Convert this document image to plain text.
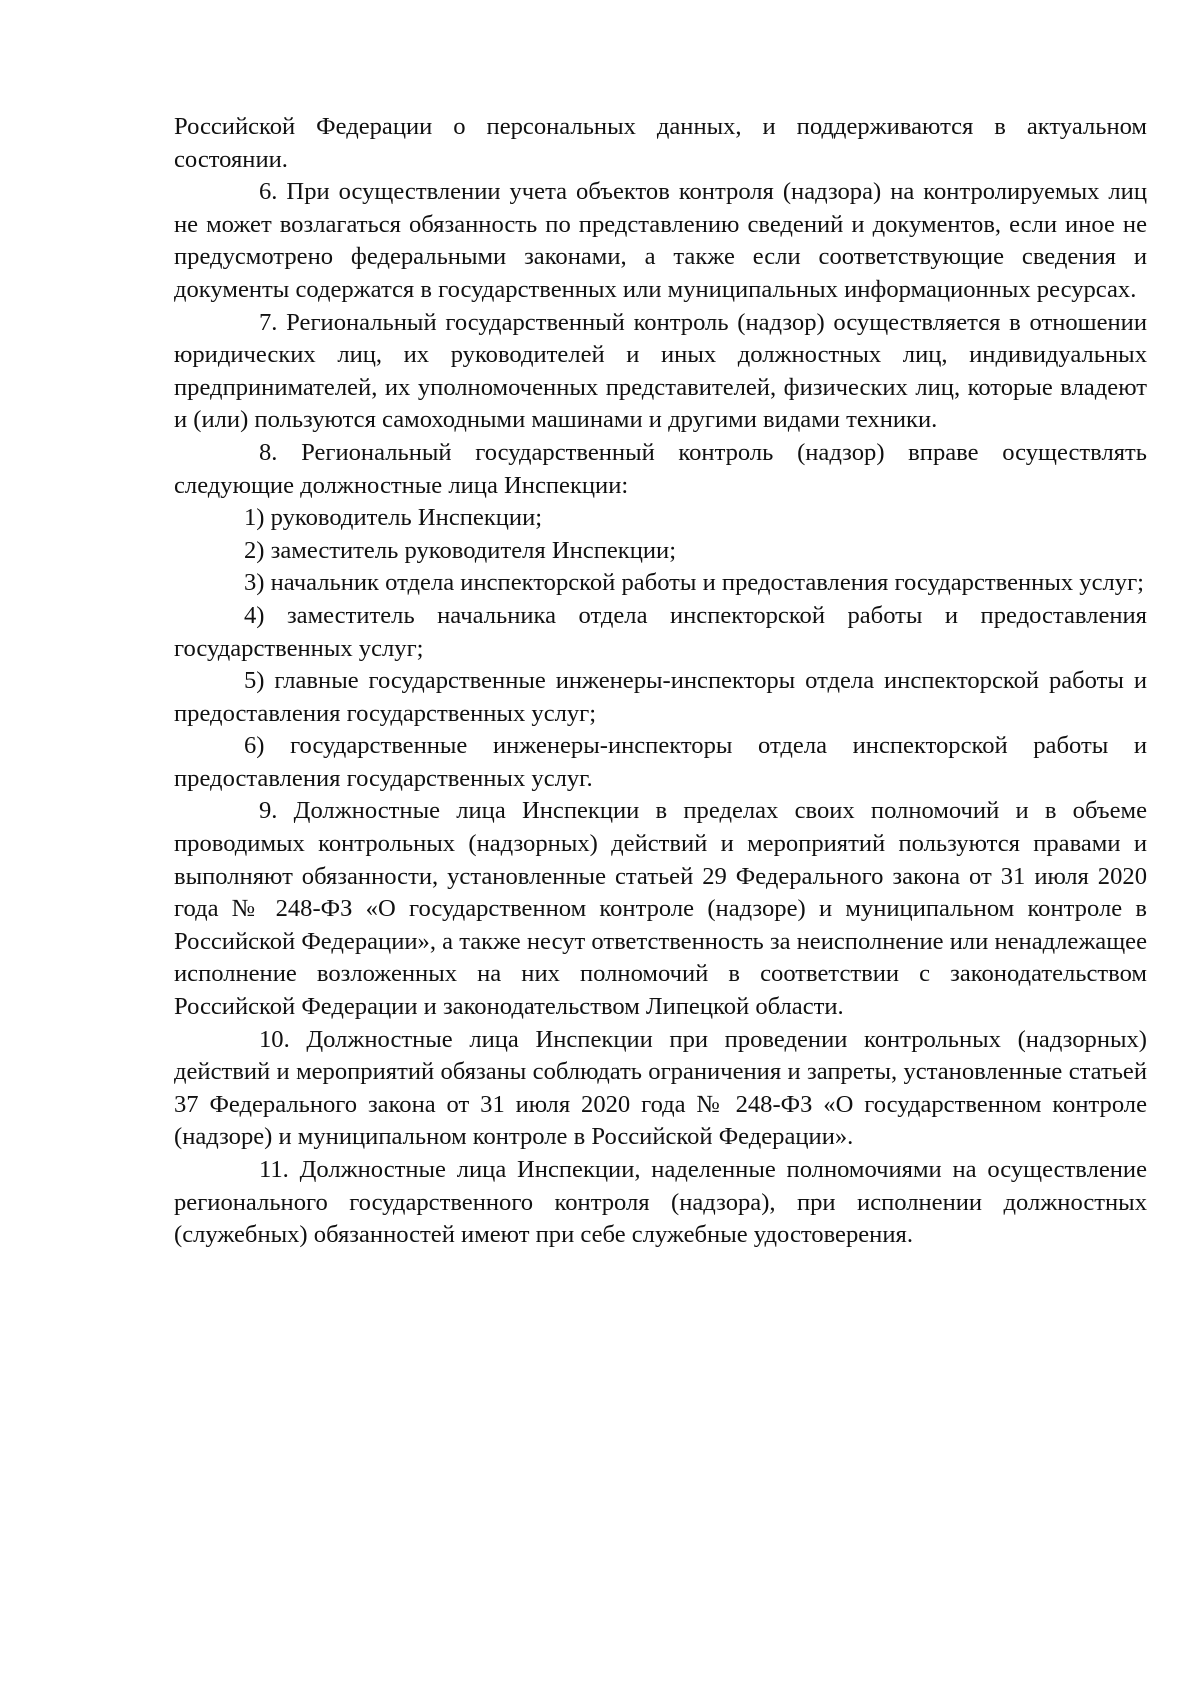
Российской Федерации о персональных данных, и поддерживаются в актуальном состоянии.

6. При осуществлении учета объектов контроля (надзора) на контролируемых лиц не может возлагаться обязанность по представлению сведений и документов, если иное не предусмотрено федеральными законами, а также если соответствующие сведения и документы содержатся в государственных или муниципальных информационных ресурсах.

7. Региональный государственный контроль (надзор) осуществляется в отношении юридических лиц, их руководителей и иных должностных лиц, индивидуальных предпринимателей, их уполномоченных представителей, физических лиц, которые владеют и (или) пользуются самоходными машинами и другими видами техники.

8. Региональный государственный контроль (надзор) вправе осуществлять следующие должностные лица Инспекции:

1) руководитель Инспекции;

2) заместитель руководителя Инспекции;

3) начальник отдела инспекторской работы и предоставления государственных услуг;

4) заместитель начальника отдела инспекторской работы и предоставления государственных услуг;

5) главные государственные инженеры-инспекторы отдела инспекторской работы и предоставления государственных услуг;

6) государственные инженеры-инспекторы отдела инспекторской работы и предоставления государственных услуг.

9. Должностные лица Инспекции в пределах своих полномочий и в объеме проводимых контрольных (надзорных) действий и мероприятий пользуются правами и выполняют обязанности, установленные статьей 29 Федерального закона от 31 июля 2020 года № 248-ФЗ «О государственном контроле (надзоре) и муниципальном контроле в Российской Федерации», а также несут ответственность за неисполнение или ненадлежащее исполнение возложенных на них полномочий в соответствии с законодательством Российской Федерации и законодательством Липецкой области.

10. Должностные лица Инспекции при проведении контрольных (надзорных) действий и мероприятий обязаны соблюдать ограничения и запреты, установленные статьей 37 Федерального закона от 31 июля 2020 года № 248-ФЗ «О государственном контроле (надзоре) и муниципальном контроле в Российской Федерации».

11. Должностные лица Инспекции, наделенные полномочиями на осуществление регионального государственного контроля (надзора), при исполнении должностных (служебных) обязанностей имеют при себе служебные удостоверения.
